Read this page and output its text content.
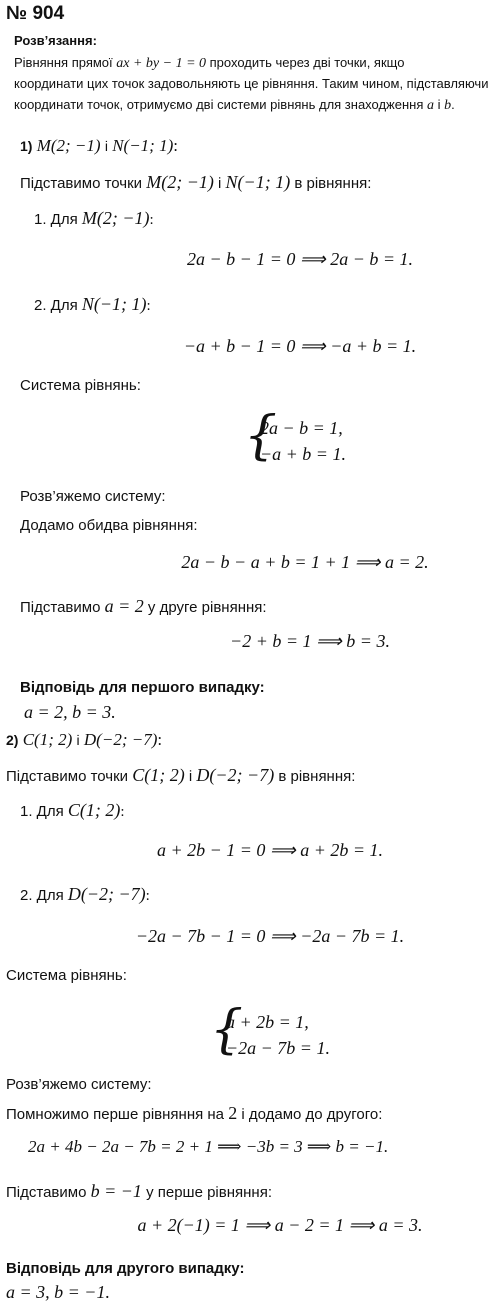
№ 904
Розв’язання:
Рівняння прямої ax + by − 1 = 0 проходить через дві точки, якщо
координати цих точок задовольняють це рівняння. Таким чином, підставляючи
координати точок, отримуємо дві системи рівнянь для знаходження a і b.
1) M(2; −1) і N(−1; 1):
Підставимо точки M(2; −1) і N(−1; 1) в рівняння:
1. Для M(2; −1):
2a − b − 1 = 0 ⟹ 2a − b = 1.
2. Для N(−1; 1):
−a + b − 1 = 0 ⟹ −a + b = 1.
Система рівнянь:
{
2a − b = 1,
−a + b = 1.
Розв’яжемо систему:
Додамо обидва рівняння:
2a − b − a + b = 1 + 1 ⟹ a = 2.
Підставимо a = 2 у друге рівняння:
−2 + b = 1 ⟹ b = 3.
Відповідь для першого випадку:
a = 2, b = 3.
2) C(1; 2) і D(−2; −7):
Підставимо точки C(1; 2) і D(−2; −7) в рівняння:
1. Для C(1; 2):
a + 2b − 1 = 0 ⟹ a + 2b = 1.
2. Для D(−2; −7):
−2a − 7b − 1 = 0 ⟹ −2a − 7b = 1.
Система рівнянь:
{
a + 2b = 1,
−2a − 7b = 1.
Розв’яжемо систему:
Помножимо перше рівняння на 2 і додамо до другого:
2a + 4b − 2a − 7b = 2 + 1 ⟹ −3b = 3 ⟹ b = −1.
Підставимо b = −1 у перше рівняння:
a + 2(−1) = 1 ⟹ a − 2 = 1 ⟹ a = 3.
Відповідь для другого випадку:
a = 3, b = −1.
